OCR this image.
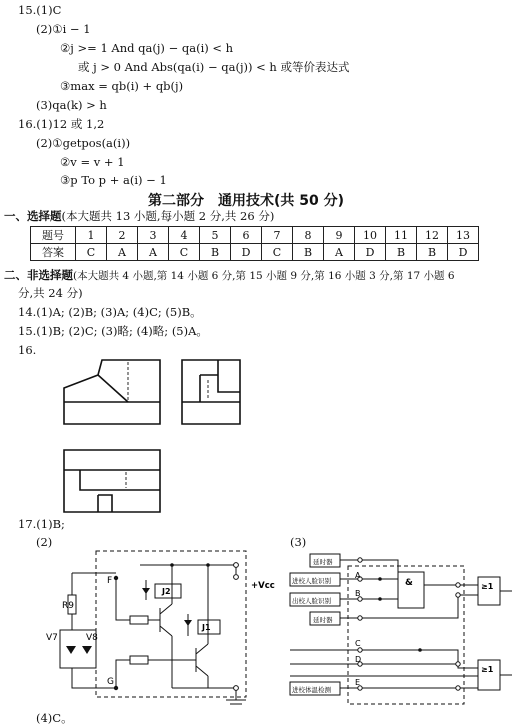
15.(1)C
(2)①i − 1
②j >= 1 And qa(j) − qa(i) < h
或 j > 0 And Abs(qa(i) − qa(j)) < h 或等价表达式
③max = qb(i) + qb(j)
(3)qa(k) > h
16.(1)12 或 1,2
(2)①getpos(a(i))
②v = v + 1
③p To p + a(i) − 1
第二部分　通用技术(共 50 分)
一、选择题(本大题共 13 小题,每小题 2 分,共 26 分)
题号	1	2	3	4	5	6	7	8	9	10	11	12	13
答案	C	A	A	C	B	D	C	B	A	D	B	B	D
二、非选择题(本大题共 4 小题,第 14 小题 6 分,第 15 小题 9 分,第 16 小题 3 分,第 17 小题 6
分,共 24 分)
14.(1)A; (2)B; (3)A; (4)C; (5)B。
15.(1)B; (2)C; (3)略; (4)略; (5)A。
16.
17.(1)B;
(2)	(3)
R9
V7	V8
F
G
J2
J1
+Vcc
延时器
进校人脸识别
出校人脸识别
延时器
进校体温检测
A
B
C
D
E
&	≥1
≥1
(4)C。
